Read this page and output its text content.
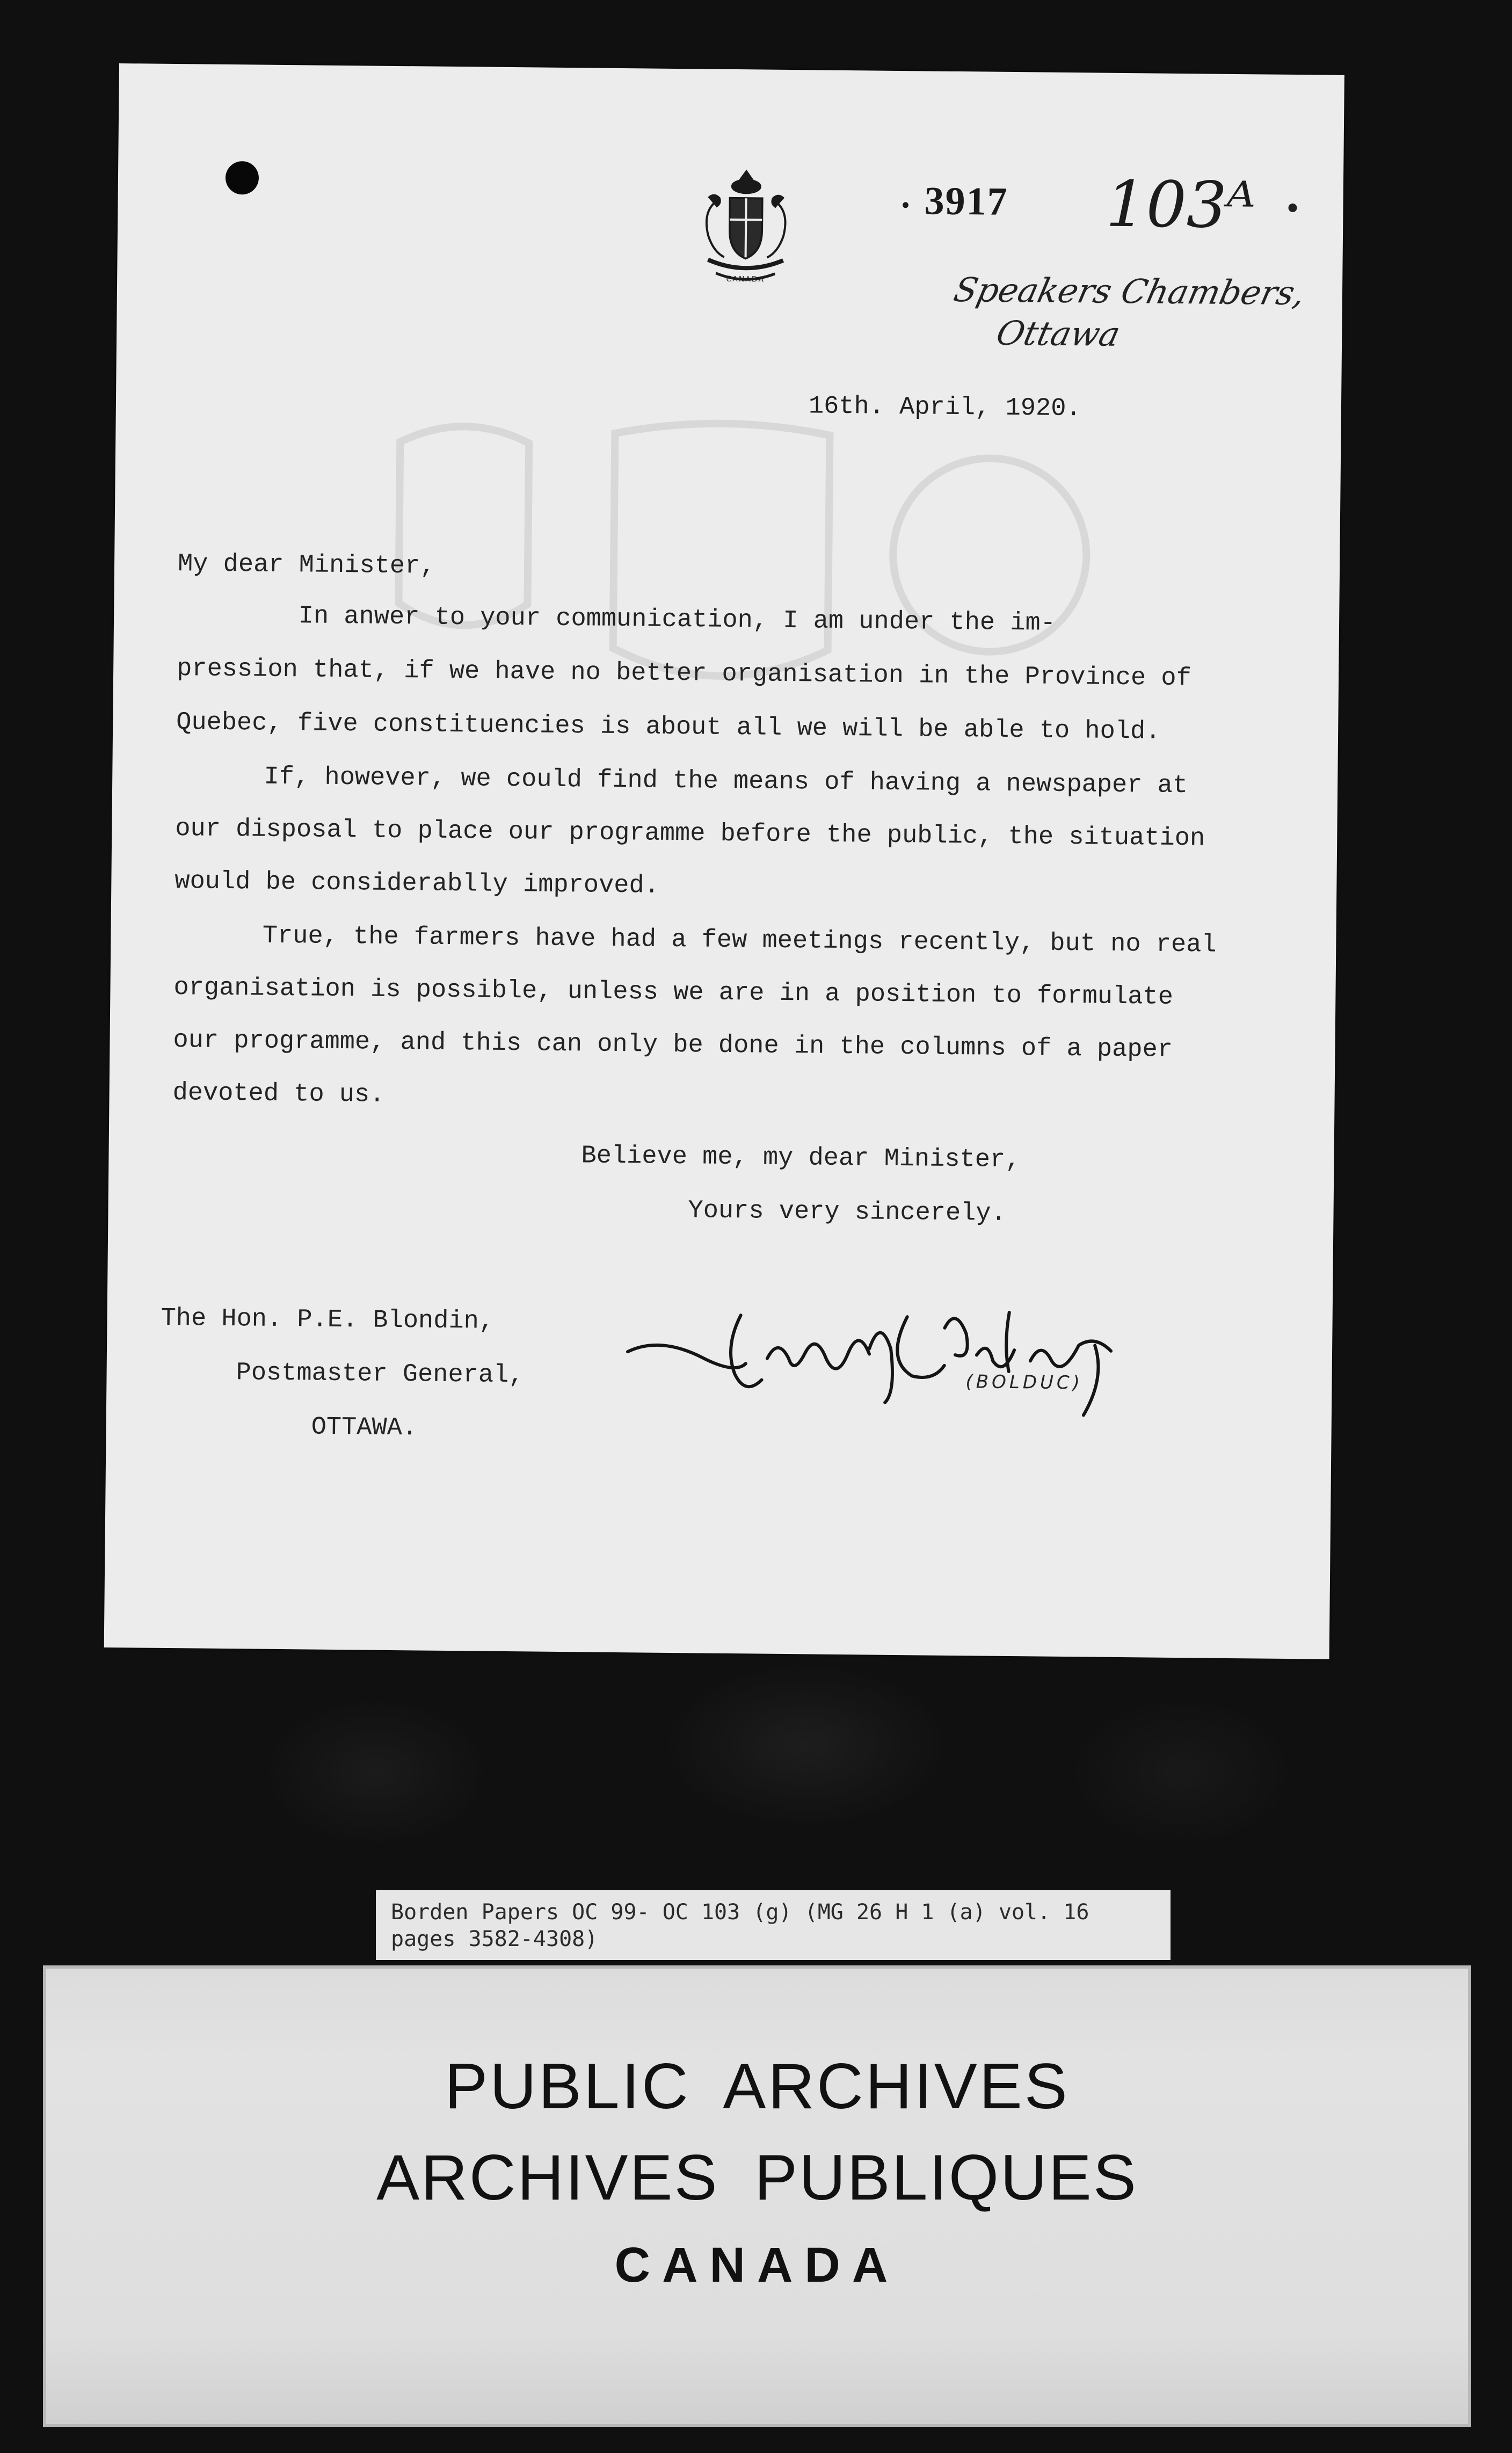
CANADA
• 3917 103ᴬ
Speakers Chambers,
Ottawa
16th. April, 1920.
My dear Minister,
In anwer to your communication, I am under the im-
pression that, if we have no better organisation in the Province of
Quebec, five constituencies is about all we will be able to hold.
If, however, we could find the means of having a newspaper at
our disposal to place our programme before the public, the situation
would be considerablly improved.
True, the farmers have had a few meetings recently, but no real
organisation is possible, unless we are in a position to formulate
our programme, and this can only be done in the columns of a paper
devoted to us.
Believe me, my dear Minister,
Yours very sincerely.
The Hon. P.E. Blondin,
Postmaster General,
OTTAWA.
(BOLDUC)
Borden Papers OC 99- OC 103 (g) (MG 26 H 1 (a) vol. 16
pages 3582-4308)
PUBLIC ARCHIVES
ARCHIVES PUBLIQUES
CANADA
